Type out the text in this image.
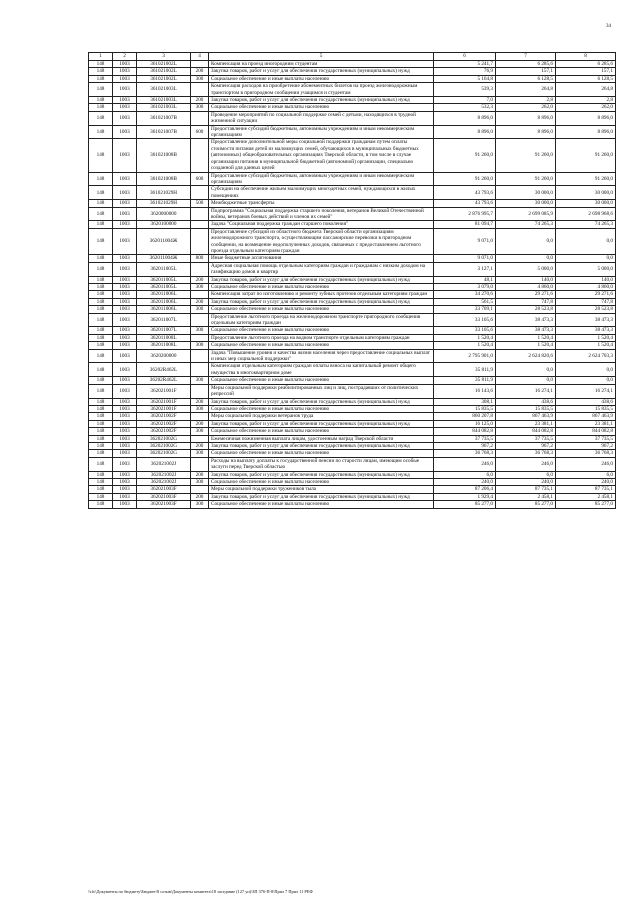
34
1	2	3	4	5	6	7	8
148	1003	361021002L		Компенсация на проезд иногородним студентам	5 241,7	6 285,6	6 285,6
148	1003	361021002L	200	Закупка товаров, работ и услуг для обеспечения государственных (муниципальных) нужд	76,9	157,1	157,1
148	1003	361021002L	300	Социальное обеспечение и иные выплаты населению	5 164,8	6 128,5	6 128,5
148	1003	361021003L		Компенсация расходов на приобретение абонементных билетов на проезд железнодорожным транспортом в пригородном сообщении учащимся и студентам	539,3	264,8	264,8
148	1003	361021003L	200	Закупка товаров, работ и услуг для обеспечения государственных (муниципальных) нужд	7,0	2,8	2,8
148	1003	361021003L	300	Социальное обеспечение и иные выплаты населению	532,3	262,0	262,0
148	1003	361021007В		Проведение мероприятий по социальной поддержке семей с детьми, находящихся в трудной жизненной ситуации	8 896,0	8 896,0	8 896,0
148	1003	361021007В	600	Предоставление субсидий бюджетным, автономным учреждениям и иным некоммерческим организациям	8 896,0	8 896,0	8 896,0
148	1003	361021008В		Предоставление дополнительной меры социальной поддержки гражданам путем оплаты стоимости питания детей из малоимущих семей, обучающихся в муниципальных бюджетных (автономных) общеобразовательных организациях Тверской области, в том числе в случае организации питания в муниципальной бюджетной (автономной) организации, специально созданной для данных целей	91 260,0	91 260,0	91 260,0
148	1003	361021008В	600	Предоставление субсидий бюджетным, автономным учреждениям и иным некоммерческим организациям	91 260,0	91 260,0	91 260,0
148	1003	361021029Н		Субсидии на обеспечение жильем малоимущих многодетных семей, нуждающихся в жилых помещениях	43 793,6	30 000,0	30 000,0
148	1003	361021029Н	500	Межбюджетные трансферты	43 793,6	30 000,0	30 000,0
148	1003	3620000000		Подпрограмма "Социальная поддержка старшего поколения, ветеранов Великой Отечественной войны, ветеранов боевых действий и членов их семей"	2 876 995,7	2 699 085,9	2 698 968,6
148	1003	3620100000		Задача "Социальная поддержка граждан старшего поколения"	81 094,7	74 265,3	74 265,3
148	1003	362011004Ж		Предоставление субсидий из областного бюджета Тверской области организациям железнодорожного транспорта, осуществляющим пассажирские перевозки в пригородном сообщении, на возмещение недополученных доходов, связанных с предоставлением льготного проезда отдельным категориям граждан	9 071,0	0,0	0,0
148	1003	362011004Ж	800	Иные бюджетные ассигнования	9 071,0	0,0	0,0
148	1003	362011005L		Адресная социальная помощь отдельным категориям граждан и гражданам с низким доходом на газификацию домов и квартир	3 127,1	5 000,0	5 000,0
148	1003	362011005L	200	Закупка товаров, работ и услуг для обеспечения государственных (муниципальных) нужд	48,1	140,0	140,0
148	1003	362011005L	300	Социальное обеспечение и иные выплаты населению	3 079,0	4 860,0	4 860,0
148	1003	362011006L		Компенсация затрат по изготовлению и ремонту зубных протезов отдельным категориям граждан	34 270,6	29 271,6	29 271,6
148	1003	362011006L	200	Закупка товаров, работ и услуг для обеспечения государственных (муниципальных) нужд	561,5	747,8	747,8
148	1003	362011006L	300	Социальное обеспечение и иные выплаты населению	33 709,1	28 523,8	28 523,8
148	1003	362011007L		Предоставление льготного проезда на железнодорожном транспорте пригородного сообщения отдельным категориям граждан	33 105,6	38 473,3	38 473,3
148	1003	362011007L	300	Социальное обеспечение и иные выплаты населению	33 105,6	38 473,3	38 473,3
148	1003	362011008L		Предоставление льготного проезда на водном транспорте отдельным категориям граждан	1 520,4	1 520,4	1 520,4
148	1003	362011008L	300	Социальное обеспечение и иные выплаты населению	1 520,4	1 520,4	1 520,4
148	1003	3620200000		Задача "Повышение уровня и качества жизни населения через предоставление социальных выплат и иных мер социальной поддержки"	2 795 901,0	2 624 820,6	2 624 703,3
148	1003	36202R462L		Компенсация отдельным категориям граждан оплаты взноса на капитальный ремонт общего имущества в многоквартирном доме	35 811,9	0,0	0,0
148	1003	36202R462L	300	Социальное обеспечение и иные выплаты населению	35 811,9	0,0	0,0
148	1003	362021001F		Меры социальной поддержки реабилитированных лиц и лиц, пострадавших от политических репрессий	16 143,6	16 274,1	16 274,1
148	1003	362021001F	200	Закупка товаров, работ и услуг для обеспечения государственных (муниципальных) нужд	308,1	438,6	438,6
148	1003	362021001F	300	Социальное обеспечение и иные выплаты населению	15 835,5	15 835,5	15 835,5
148	1003	362021002F		Меры социальной поддержки ветеранов труда	860 207,8	867 463,9	867 463,9
148	1003	362021002F	200	Закупка товаров, работ и услуг для обеспечения государственных (муниципальных) нужд	16 125,0	23 381,1	23 381,1
148	1003	362021002F	300	Социальное обеспечение и иные выплаты населению	844 082,8	844 082,8	844 082,8
148	1003	362021002G		Ежемесячная пожизненная выплата лицам, удостоенным наград Тверской области	37 735,5	37 735,5	37 735,5
148	1003	362021002G	200	Закупка товаров, работ и услуг для обеспечения государственных (муниципальных) нужд	967,2	967,2	967,2
148	1003	362021002G	300	Социальное обеспечение и иные выплаты населению	36 768,3	36 768,3	36 768,3
148	1003	362021002J		Расходы на выплату доплаты к государственной пенсии по старости лицам, имеющим особые заслуги перед Тверской областью	246,0	246,0	246,0
148	1003	362021002J	200	Закупка товаров, работ и услуг для обеспечения государственных (муниципальных) нужд	6,0	6,0	6,0
148	1003	362021002J	300	Социальное обеспечение и иные выплаты населению	240,0	240,0	240,0
148	1003	362021003F		Меры социальной поддержки тружеников тыла	87 206,4	87 735,1	87 735,1
148	1003	362021003F	200	Закупка товаров, работ и услуг для обеспечения государственных (муниципальных) нужд	1 929,4	2 458,1	2 458,1
148	1003	362021003F	300	Социальное обеспечение и иные выплаты населению	85 277,0	85 277,0	85 277,0
\\rfo\Документы по бюджету\Бюджет\8 созыв\Документы комитета\18 заседание (127 уп)\ЗП 376-П-8\Прил 7 Прил 11 РЕФ
